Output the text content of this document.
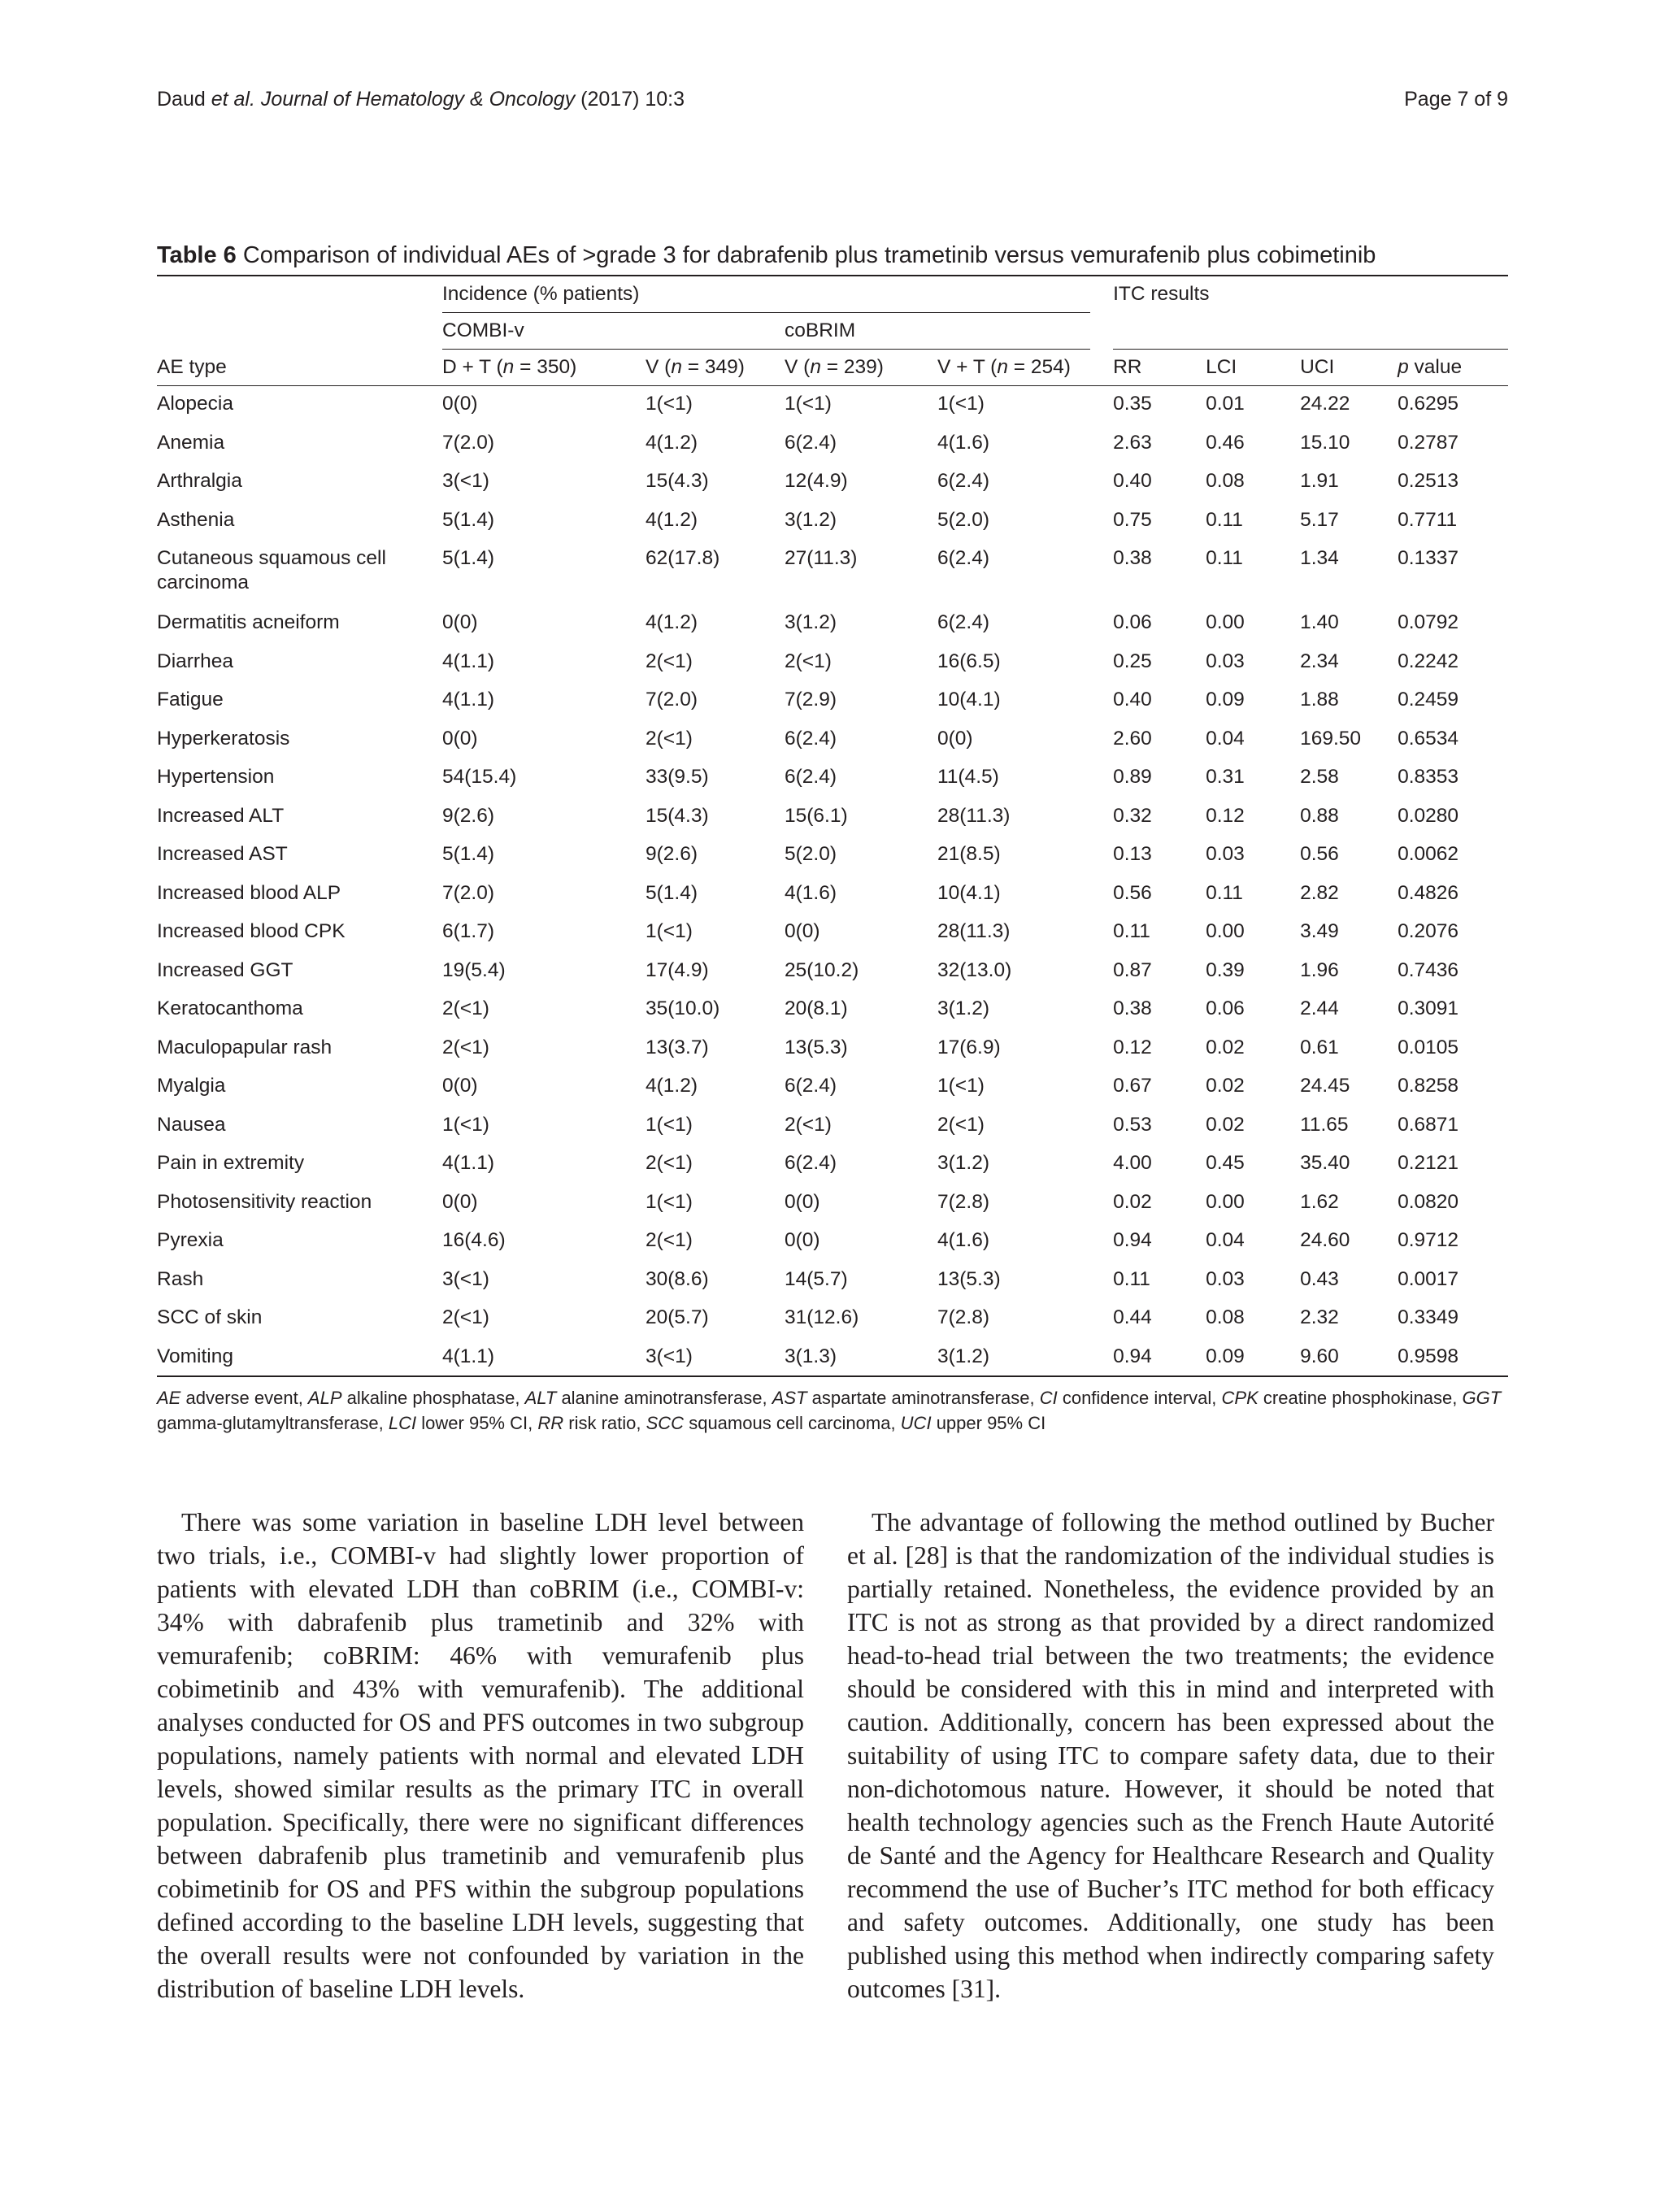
Daud et al. Journal of Hematology & Oncology (2017) 10:3	Page 7 of 9

Table 6 Comparison of individual AEs of >grade 3 for dabrafenib plus trametinib versus vemurafenib plus cobimetinib

	Incidence (% patients)						ITC results			
	COMBI-v			coBRIM						
AE type	D + T (n = 350)		V (n = 349)	V (n = 239)	V + T (n = 254)		RR	LCI	UCI	p value
Alopecia	0(0)		1(<1)	1(<1)	1(<1)		0.35	0.01	24.22	0.6295
Anemia	7(2.0)		4(1.2)	6(2.4)	4(1.6)		2.63	0.46	15.10	0.2787
Arthralgia	3(<1)		15(4.3)	12(4.9)	6(2.4)		0.40	0.08	1.91	0.2513
Asthenia	5(1.4)		4(1.2)	3(1.2)	5(2.0)		0.75	0.11	5.17	0.7711
Cutaneous squamous cell carcinoma	5(1.4)		62(17.8)	27(11.3)	6(2.4)		0.38	0.11	1.34	0.1337
Dermatitis acneiform	0(0)		4(1.2)	3(1.2)	6(2.4)		0.06	0.00	1.40	0.0792
Diarrhea	4(1.1)		2(<1)	2(<1)	16(6.5)		0.25	0.03	2.34	0.2242
Fatigue	4(1.1)		7(2.0)	7(2.9)	10(4.1)		0.40	0.09	1.88	0.2459
Hyperkeratosis	0(0)		2(<1)	6(2.4)	0(0)		2.60	0.04	169.50	0.6534
Hypertension	54(15.4)		33(9.5)	6(2.4)	11(4.5)		0.89	0.31	2.58	0.8353
Increased ALT	9(2.6)		15(4.3)	15(6.1)	28(11.3)		0.32	0.12	0.88	0.0280
Increased AST	5(1.4)		9(2.6)	5(2.0)	21(8.5)		0.13	0.03	0.56	0.0062
Increased blood ALP	7(2.0)		5(1.4)	4(1.6)	10(4.1)		0.56	0.11	2.82	0.4826
Increased blood CPK	6(1.7)		1(<1)	0(0)	28(11.3)		0.11	0.00	3.49	0.2076
Increased GGT	19(5.4)		17(4.9)	25(10.2)	32(13.0)		0.87	0.39	1.96	0.7436
Keratocanthoma	2(<1)		35(10.0)	20(8.1)	3(1.2)		0.38	0.06	2.44	0.3091
Maculopapular rash	2(<1)		13(3.7)	13(5.3)	17(6.9)		0.12	0.02	0.61	0.0105
Myalgia	0(0)		4(1.2)	6(2.4)	1(<1)		0.67	0.02	24.45	0.8258
Nausea	1(<1)		1(<1)	2(<1)	2(<1)		0.53	0.02	11.65	0.6871
Pain in extremity	4(1.1)		2(<1)	6(2.4)	3(1.2)		4.00	0.45	35.40	0.2121
Photosensitivity reaction	0(0)		1(<1)	0(0)	7(2.8)		0.02	0.00	1.62	0.0820
Pyrexia	16(4.6)		2(<1)	0(0)	4(1.6)		0.94	0.04	24.60	0.9712
Rash	3(<1)		30(8.6)	14(5.7)	13(5.3)		0.11	0.03	0.43	0.0017
SCC of skin	2(<1)		20(5.7)	31(12.6)	7(2.8)		0.44	0.08	2.32	0.3349
Vomiting	4(1.1)		3(<1)	3(1.3)	3(1.2)		0.94	0.09	9.60	0.9598
AE adverse event, ALP alkaline phosphatase, ALT alanine aminotransferase, AST aspartate aminotransferase, CI confidence interval, CPK creatine phosphokinase, GGT gamma-glutamyltransferase, LCI lower 95% CI, RR risk ratio, SCC squamous cell carcinoma, UCI upper 95% CI

There was some variation in baseline LDH level between two trials, i.e., COMBI-v had slightly lower proportion of patients with elevated LDH than coBRIM (i.e., COMBI-v: 34% with dabrafenib plus trametinib and 32% with vemurafenib; coBRIM: 46% with vemurafenib plus cobimetinib and 43% with vemurafenib). The additional analyses conducted for OS and PFS outcomes in two subgroup populations, namely patients with normal and elevated LDH levels, showed similar results as the primary ITC in overall population. Specifically, there were no significant differences between dabrafenib plus trametinib and vemurafenib plus cobimetinib for OS and PFS within the subgroup populations defined according to the baseline LDH levels, suggesting that the overall results were not confounded by variation in the distribution of baseline LDH levels.

The advantage of following the method outlined by Bucher et al. [28] is that the randomization of the individual studies is partially retained. Nonetheless, the evidence provided by an ITC is not as strong as that provided by a direct randomized head-to-head trial between the two treatments; the evidence should be considered with this in mind and interpreted with caution. Additionally, concern has been expressed about the suitability of using ITC to compare safety data, due to their non-dichotomous nature. However, it should be noted that health technology agencies such as the French Haute Autorité de Santé and the Agency for Healthcare Research and Quality recommend the use of Bucher’s ITC method for both efficacy and safety outcomes. Additionally, one study has been published using this method when indirectly comparing safety outcomes [31].
